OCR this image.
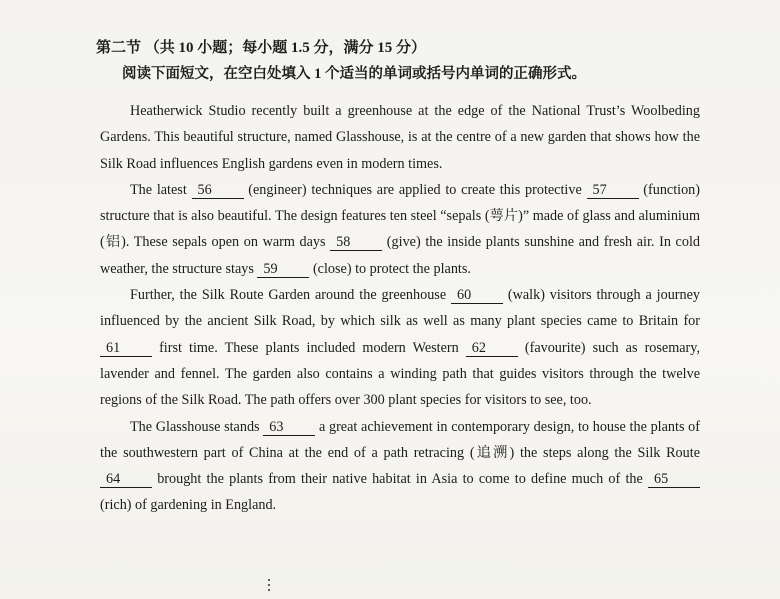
第二节 （共 10 小题；每小题 1.5 分，满分 15 分）
阅读下面短文，在空白处填入 1 个适当的单词或括号内单词的正确形式。

Heatherwick Studio recently built a greenhouse at the edge of the National Trust’s Woolbeding Gardens. This beautiful structure, named Glasshouse, is at the centre of a new garden that shows how the Silk Road influences English gardens even in modern times.

The latest 56 (engineer) techniques are applied to create this protective 57 (function) structure that is also beautiful. The design features ten steel “sepals (萼片)” made of glass and aluminium (铝). These sepals open on warm days 58 (give) the inside plants sunshine and fresh air. In cold weather, the structure stays 59 (close) to protect the plants.

Further, the Silk Route Garden around the greenhouse 60 (walk) visitors through a journey influenced by the ancient Silk Road, by which silk as well as many plant species came to Britain for 61 first time. These plants included modern Western 62 (favourite) such as rosemary, lavender and fennel. The garden also contains a winding path that guides visitors through the twelve regions of the Silk Road. The path offers over 300 plant species for visitors to see, too.

The Glasshouse stands 63 a great achievement in contemporary design, to house the plants of the southwestern part of China at the end of a path retracing (追溯) the steps along the Silk Route 64 brought the plants from their native habitat in Asia to come to define much of the 65 (rich) of gardening in England.
